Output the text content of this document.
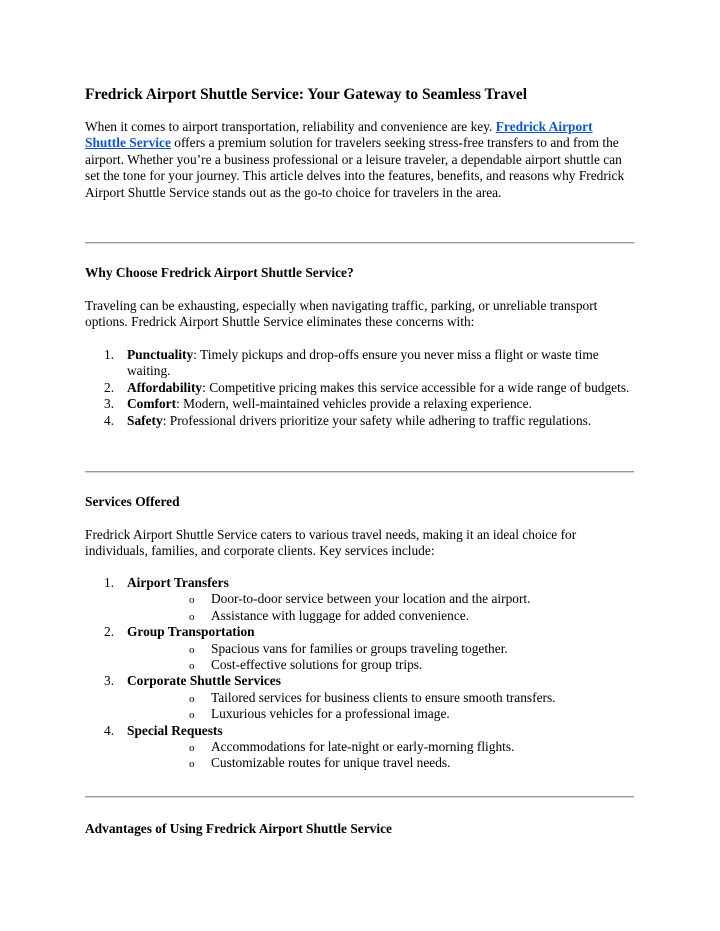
Fredrick Airport Shuttle Service: Your Gateway to Seamless Travel

When it comes to airport transportation, reliability and convenience are key. Fredrick Airport Shuttle Service offers a premium solution for travelers seeking stress-free transfers to and from the airport. Whether you’re a business professional or a leisure traveler, a dependable airport shuttle can set the tone for your journey. This article delves into the features, benefits, and reasons why Fredrick Airport Shuttle Service stands out as the go-to choice for travelers in the area.

Why Choose Fredrick Airport Shuttle Service?

Traveling can be exhausting, especially when navigating traffic, parking, or unreliable transport options. Fredrick Airport Shuttle Service eliminates these concerns with:

1. Punctuality: Timely pickups and drop-offs ensure you never miss a flight or waste time waiting.
2. Affordability: Competitive pricing makes this service accessible for a wide range of budgets.
3. Comfort: Modern, well-maintained vehicles provide a relaxing experience.
4. Safety: Professional drivers prioritize your safety while adhering to traffic regulations.
Services Offered

Fredrick Airport Shuttle Service caters to various travel needs, making it an ideal choice for individuals, families, and corporate clients. Key services include:

1. Airport Transfers
o Door-to-door service between your location and the airport.
o Assistance with luggage for added convenience.
2. Group Transportation
o Spacious vans for families or groups traveling together.
o Cost-effective solutions for group trips.
3. Corporate Shuttle Services
o Tailored services for business clients to ensure smooth transfers.
o Luxurious vehicles for a professional image.
4. Special Requests
o Accommodations for late-night or early-morning flights.
o Customizable routes for unique travel needs.
Advantages of Using Fredrick Airport Shuttle Service
